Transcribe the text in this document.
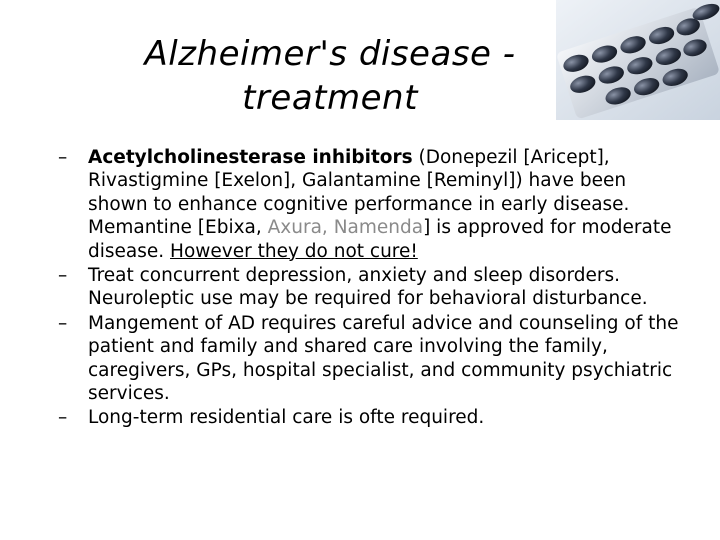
Alzheimer's disease -
treatment
–	Acetylcholinesterase inhibitors (Donepezil [Aricept], Rivastigmine [Exelon], Galantamine [Reminyl]) have been shown to enhance cognitive performance in early disease. Memantine [Ebixa, Axura, Namenda] is approved for moderate disease. However they do not cure!
–	Treat concurrent depression, anxiety and sleep disorders. Neuroleptic use may be required for behavioral disturbance.
–	Mangement of AD requires careful advice and counseling of the patient and family and shared care involving the family, caregivers, GPs, hospital specialist, and community psychiatric services.
–	Long-term residential care is ofte required.
